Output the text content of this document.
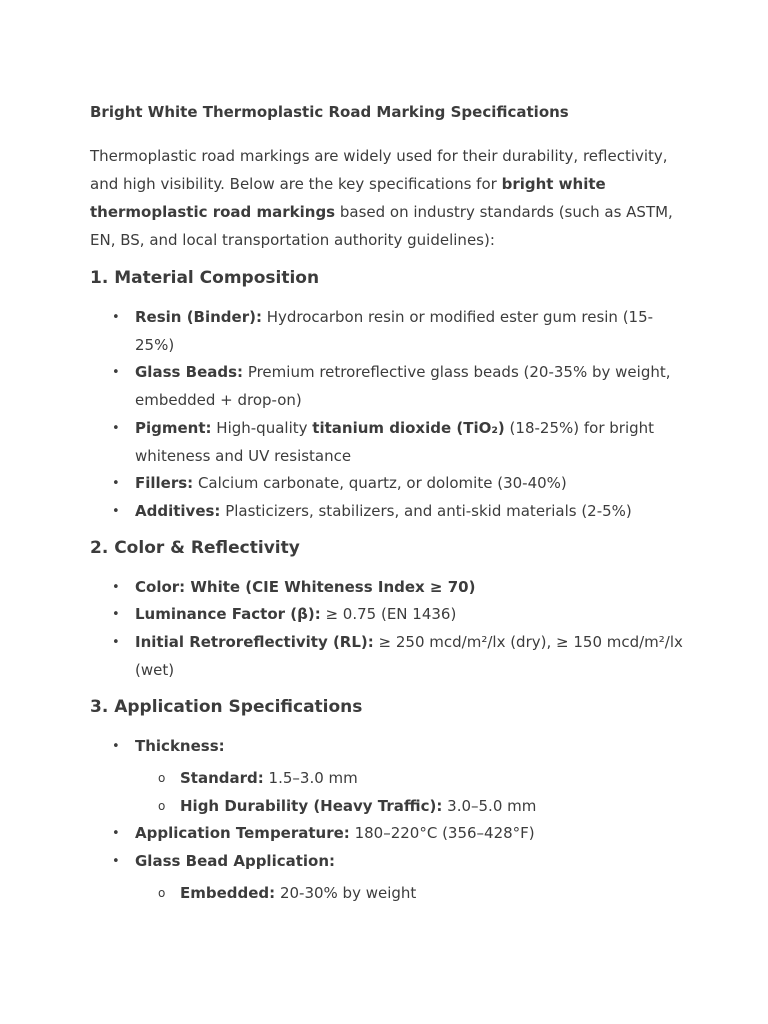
Bright White Thermoplastic Road Marking Specifications

Thermoplastic road markings are widely used for their durability, reflectivity, and high visibility. Below are the key specifications for bright white thermoplastic road markings based on industry standards (such as ASTM, EN, BS, and local transportation authority guidelines):

1. Material Composition
• Resin (Binder): Hydrocarbon resin or modified ester gum resin (15-25%)
• Glass Beads: Premium retroreflective glass beads (20-35% by weight, embedded + drop-on)
• Pigment: High-quality titanium dioxide (TiO₂) (18-25%) for bright whiteness and UV resistance
• Fillers: Calcium carbonate, quartz, or dolomite (30-40%)
• Additives: Plasticizers, stabilizers, and anti-skid materials (2-5%)
2. Color & Reflectivity
• Color: White (CIE Whiteness Index ≥ 70)
• Luminance Factor (β): ≥ 0.75 (EN 1436)
• Initial Retroreflectivity (RL): ≥ 250 mcd/m²/lx (dry), ≥ 150 mcd/m²/lx (wet)
3. Application Specifications
• Thickness:
o Standard: 1.5–3.0 mm
o High Durability (Heavy Traffic): 3.0–5.0 mm
• Application Temperature: 180–220°C (356–428°F)
• Glass Bead Application:
o Embedded: 20-30% by weight
